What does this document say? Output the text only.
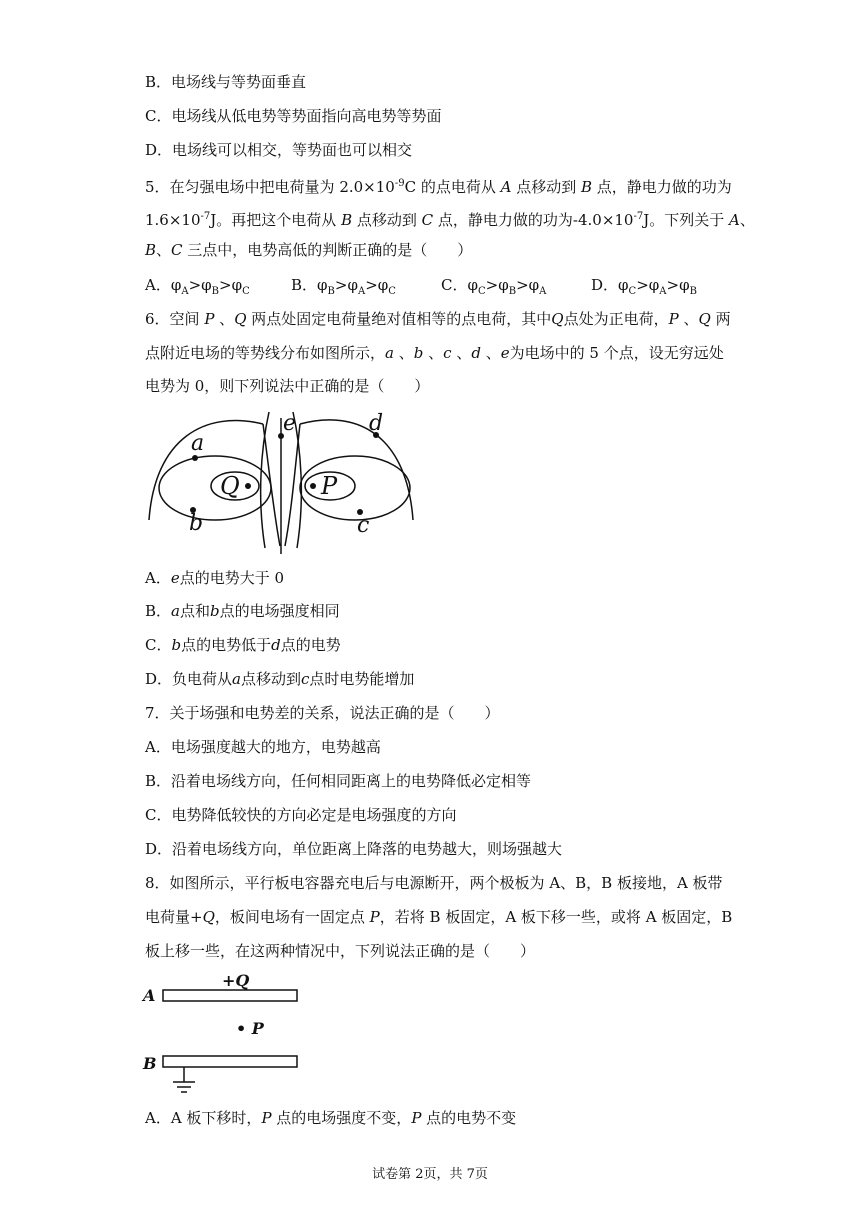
B．电场线与等势面垂直
C．电场线从低电势等势面指向高电势等势面
D．电场线可以相交，等势面也可以相交
5．在匀强电场中把电荷量为 $2.0\times 10^{-9}C$ 的点电荷从 A 点移动到 B 点，静电力做的功为
$1.6\times 10^{-7}J$。再把这个电荷从 B 点移动到 C 点，静电力做的功为$-4.0\times 10^{-7}J$。下列关于 A、
B、C 三点中，电势高低的判断正确的是（　　）
A．$\varphi_A>\varphi_B>\varphi_C$	B．$\varphi_B>\varphi_A>\varphi_C$	C．$\varphi_C>\varphi_B>\varphi_A$	D．$\varphi_C>\varphi_A>\varphi_B$
6．空间 P 、Q 两点处固定电荷量绝对值相等的点电荷，其中Q点处为正电荷，P 、Q 两
点附近电场的等势线分布如图所示，a 、b 、c 、d 、e为电场中的 5 个点，设无穷远处
电势为 0，则下列说法中正确的是（　　）
a
b	c
d
e
Q	P
A．e点的电势大于 0
B．a点和b点的电场强度相同
C．b点的电势低于d点的电势
D．负电荷从a点移动到c点时电势能增加
7．关于场强和电势差的关系，说法正确的是（　　）
A．电场强度越大的地方，电势越高
B．沿着电场线方向，任何相同距离上的电势降低必定相等
C．电势降低较快的方向必定是电场强度的方向
D．沿着电场线方向，单位距离上降落的电势越大，则场强越大
8．如图所示，平行板电容器充电后与电源断开，两个极板为 A、B，B 板接地，A 板带
电荷量+Q，板间电场有一固定点 P，若将 B 板固定，A 板下移一些，或将 A 板固定，B
板上移一些，在这两种情况中，下列说法正确的是（　　）
A
+Q
• P
B
A．A 板下移时，P 点的电场强度不变，P 点的电势不变
试卷第 2页，共 7页
